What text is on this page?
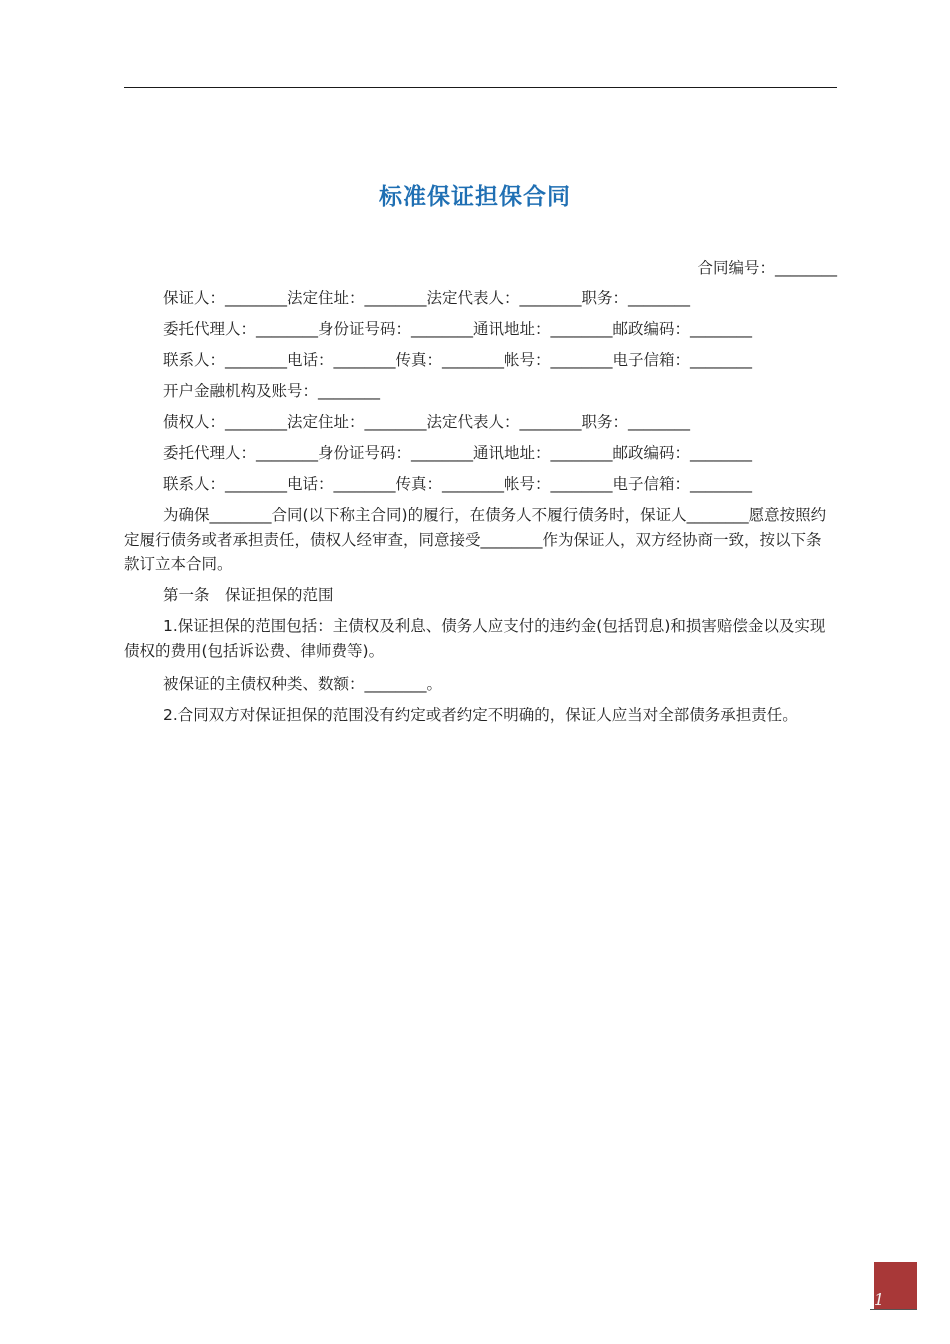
标准保证担保合同
合同编号：________
保证人：________法定住址：________法定代表人：________职务：________
委托代理人：________身份证号码：________通讯地址：________邮政编码：________
联系人：________电话：________传真：________帐号：________电子信箱：________
开户金融机构及账号：________
债权人：________法定住址：________法定代表人：________职务：________
委托代理人：________身份证号码：________通讯地址：________邮政编码：________
联系人：________电话：________传真：________帐号：________电子信箱：________
为确保________合同(以下称主合同)的履行，在债务人不履行债务时，保证人________愿意按照约定履行债务或者承担责任，债权人经审查，同意接受________作为保证人，双方经协商一致，按以下条款订立本合同。
第一条　保证担保的范围
1.保证担保的范围包括：主债权及利息、债务人应支付的违约金(包括罚息)和损害赔偿金以及实现债权的费用(包括诉讼费、律师费等)。
被保证的主债权种类、数额：________。
2.合同双方对保证担保的范围没有约定或者约定不明确的，保证人应当对全部债务承担责任。
1
